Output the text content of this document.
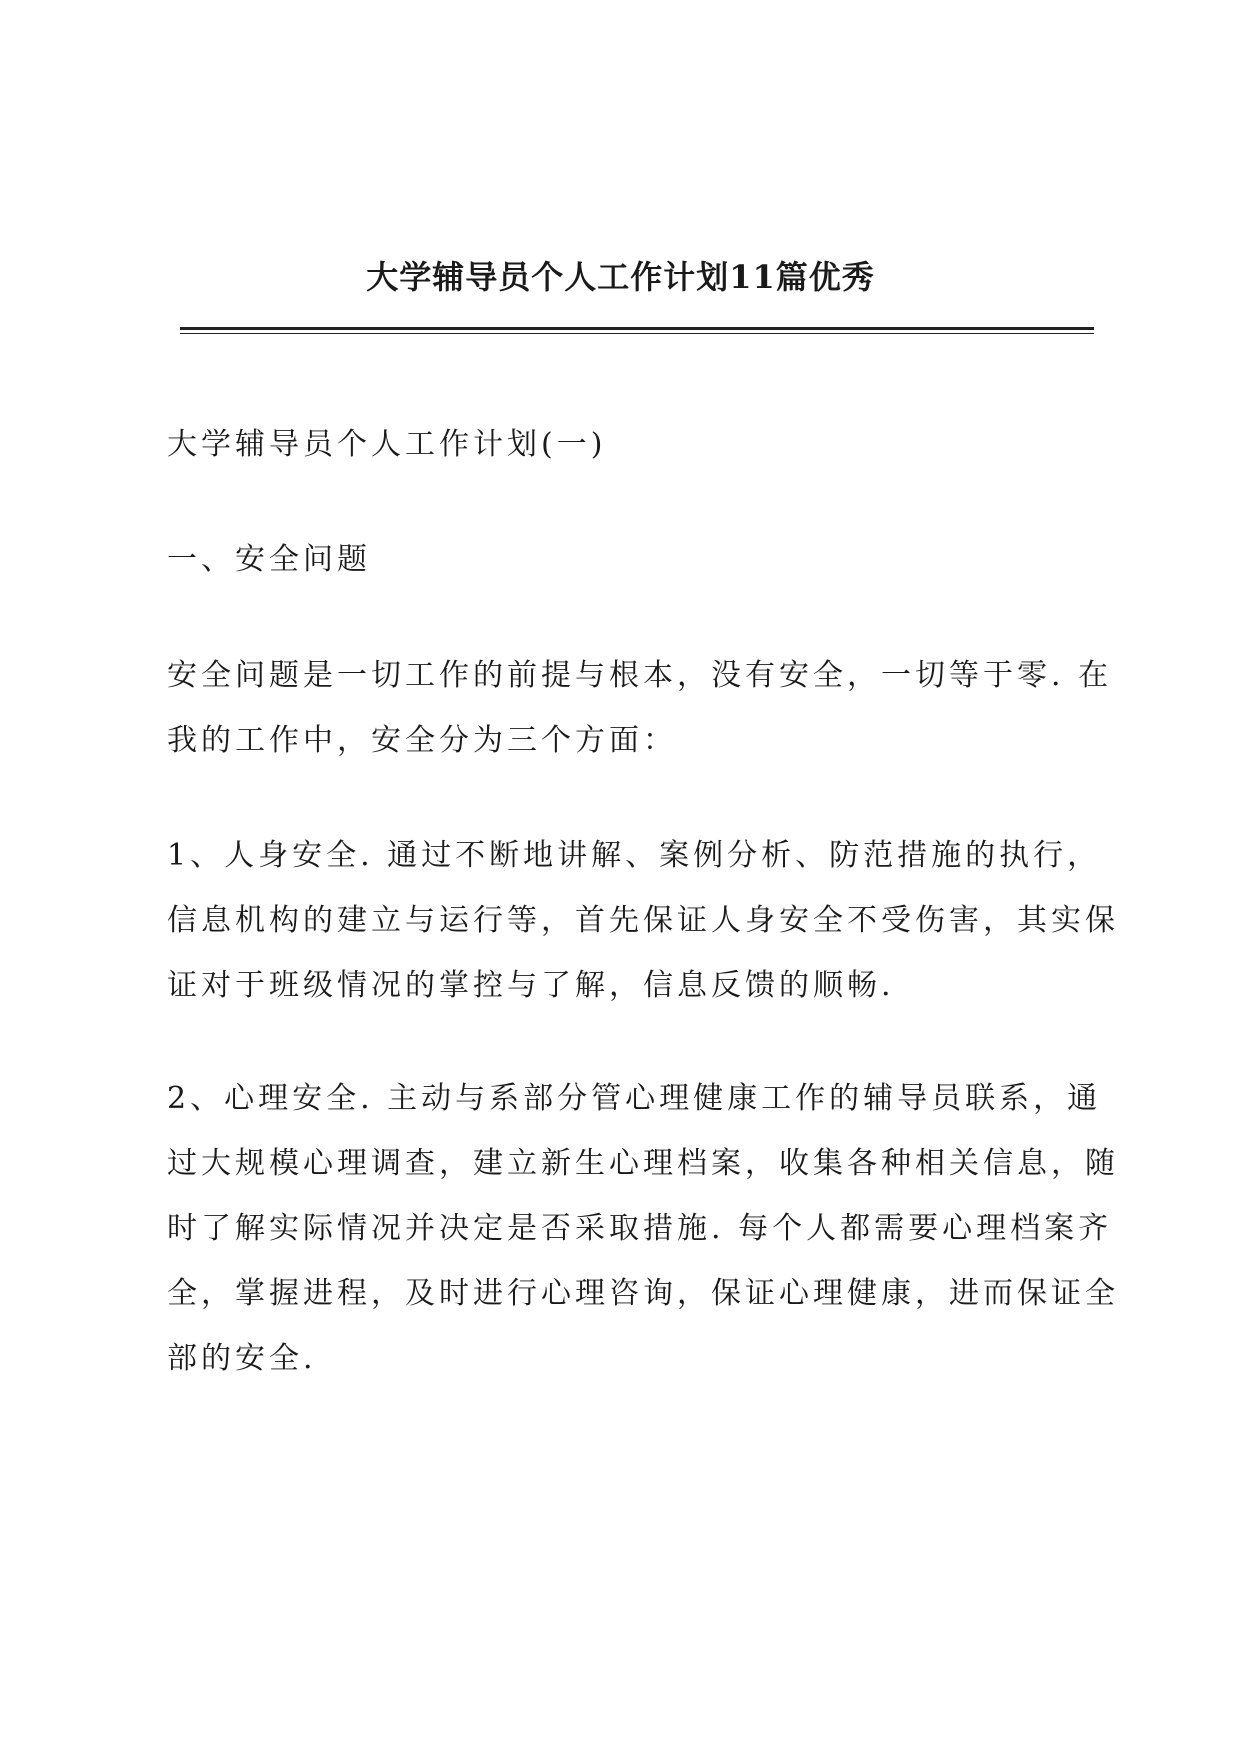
大学辅导员个人工作计划11篇优秀

大学辅导员个人工作计划(一)

一、安全问题

安全问题是一切工作的前提与根本，没有安全，一切等于零. 在
我的工作中，安全分为三个方面：

1、人身安全. 通过不断地讲解、案例分析、防范措施的执行，
信息机构的建立与运行等，首先保证人身安全不受伤害，其实保
证对于班级情况的掌控与了解，信息反馈的顺畅.

2、心理安全. 主动与系部分管心理健康工作的辅导员联系，通
过大规模心理调查，建立新生心理档案，收集各种相关信息，随
时了解实际情况并决定是否采取措施. 每个人都需要心理档案齐
全，掌握进程，及时进行心理咨询，保证心理健康，进而保证全
部的安全.
